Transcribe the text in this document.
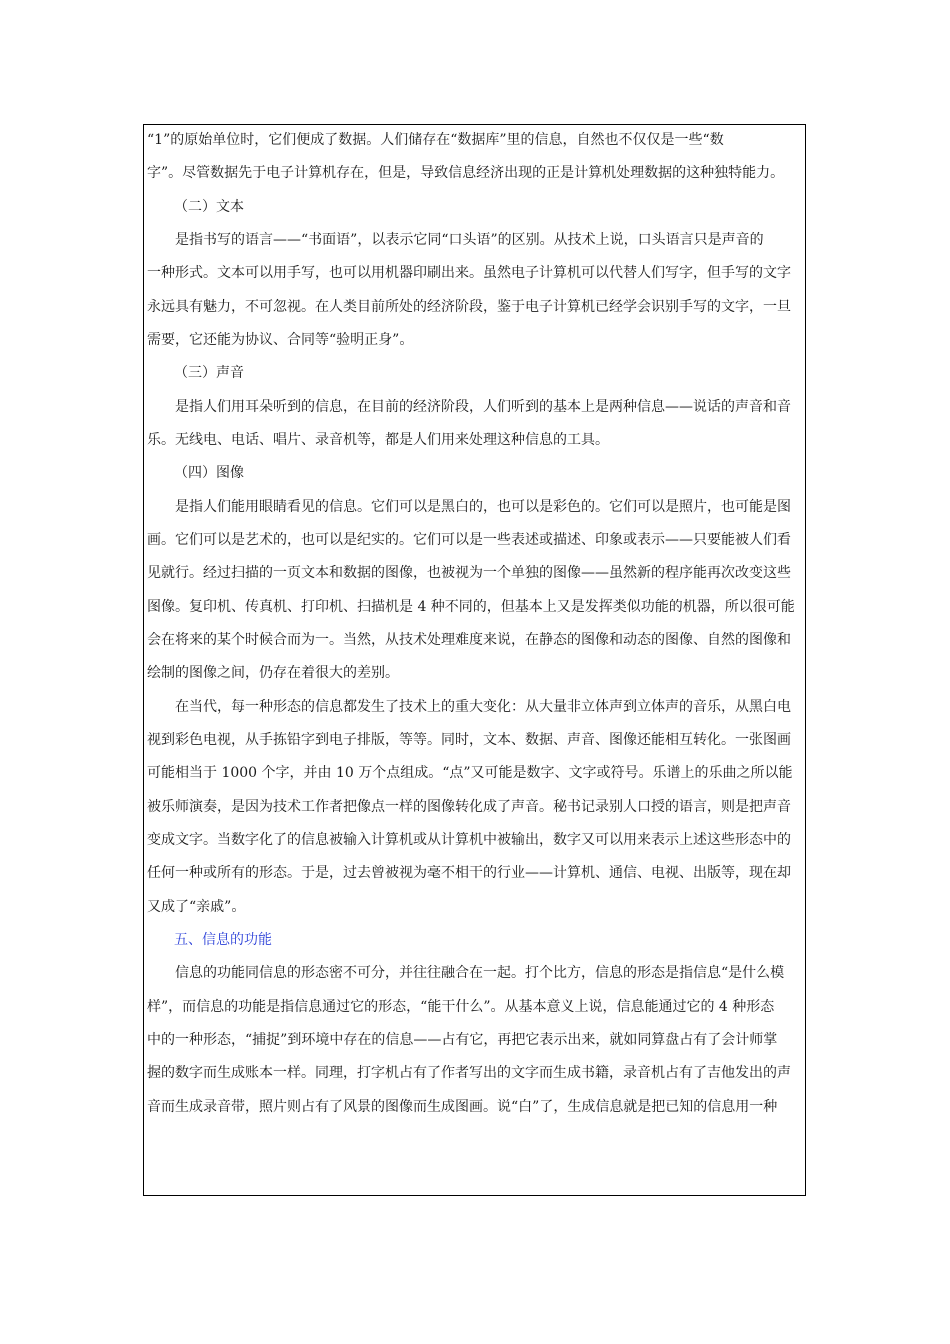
“1”的原始单位时，它们便成了数据。人们储存在“数据库”里的信息，自然也不仅仅是一些“数
字”。尽管数据先于电子计算机存在，但是，导致信息经济出现的正是计算机处理数据的这种独特能力。
（二）文本
是指书写的语言——“书面语”，以表示它同“口头语”的区别。从技术上说，口头语言只是声音的
一种形式。文本可以用手写，也可以用机器印刷出来。虽然电子计算机可以代替人们写字，但手写的文字
永远具有魅力，不可忽视。在人类目前所处的经济阶段，鉴于电子计算机已经学会识别手写的文字，一旦
需要，它还能为协议、合同等“验明正身”。
（三）声音
是指人们用耳朵听到的信息，在目前的经济阶段，人们听到的基本上是两种信息——说话的声音和音
乐。无线电、电话、唱片、录音机等，都是人们用来处理这种信息的工具。
（四）图像
是指人们能用眼睛看见的信息。它们可以是黑白的，也可以是彩色的。它们可以是照片，也可能是图
画。它们可以是艺术的，也可以是纪实的。它们可以是一些表述或描述、印象或表示——只要能被人们看
见就行。经过扫描的一页文本和数据的图像，也被视为一个单独的图像——虽然新的程序能再次改变这些
图像。复印机、传真机、打印机、扫描机是 4 种不同的，但基本上又是发挥类似功能的机器，所以很可能
会在将来的某个时候合而为一。当然，从技术处理难度来说，在静态的图像和动态的图像、自然的图像和
绘制的图像之间，仍存在着很大的差别。
在当代，每一种形态的信息都发生了技术上的重大变化：从大量非立体声到立体声的音乐，从黑白电
视到彩色电视，从手拣铅字到电子排版，等等。同时，文本、数据、声音、图像还能相互转化。一张图画
可能相当于 1000 个字，并由 10 万个点组成。“点”又可能是数字、文字或符号。乐谱上的乐曲之所以能
被乐师演奏，是因为技术工作者把像点一样的图像转化成了声音。秘书记录别人口授的语言，则是把声音
变成文字。当数字化了的信息被输入计算机或从计算机中被输出，数字又可以用来表示上述这些形态中的
任何一种或所有的形态。于是，过去曾被视为毫不相干的行业——计算机、通信、电视、出版等，现在却
又成了“亲戚”。
五、信息的功能
信息的功能同信息的形态密不可分，并往往融合在一起。打个比方，信息的形态是指信息“是什么模
样”，而信息的功能是指信息通过它的形态，“能干什么”。从基本意义上说，信息能通过它的 4 种形态
中的一种形态，“捕捉”到环境中存在的信息——占有它，再把它表示出来，就如同算盘占有了会计师掌
握的数字而生成账本一样。同理，打字机占有了作者写出的文字而生成书籍，录音机占有了吉他发出的声
音而生成录音带，照片则占有了风景的图像而生成图画。说“白”了，生成信息就是把已知的信息用一种
